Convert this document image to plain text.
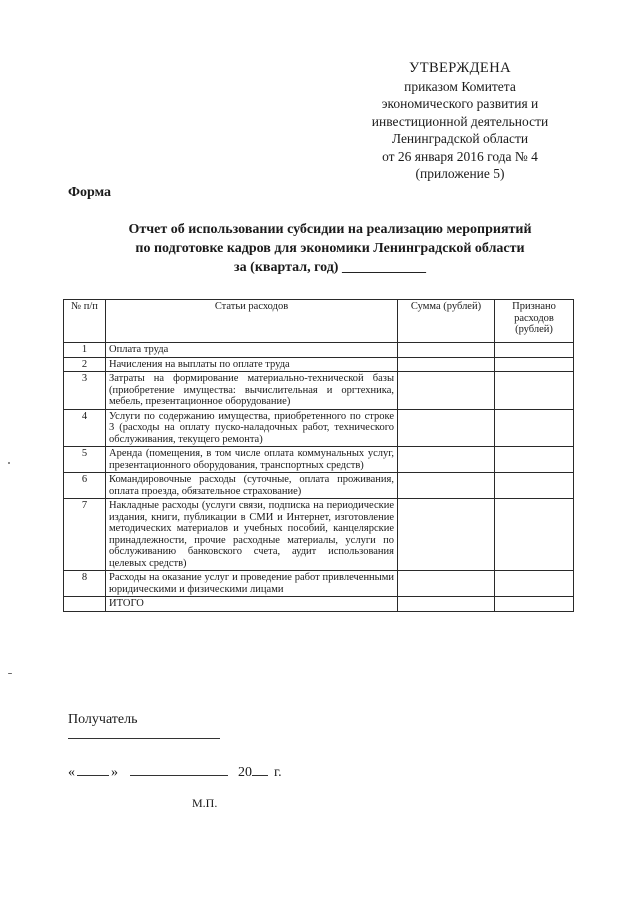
УТВЕРЖДЕНА
приказом Комитета
экономического развития и
инвестиционной деятельности
Ленинградской области
от 26 января 2016 года № 4
(приложение 5)
Форма
Отчет об использовании субсидии на реализацию мероприятий
по подготовке кадров для экономики Ленинградской области
за (квартал, год) ____________
№ п/п	Статьи расходов	Сумма (рублей)	Признано расходов (рублей)
1	Оплата труда		
2	Начисления на выплаты по оплате труда		
3	Затраты на формирование материально-технической базы (приобретение имущества: вычислительная и оргтехника, мебель, презентационное оборудование)		
4	Услуги по содержанию имущества, приобретенного по строке 3 (расходы на оплату пуско-наладочных работ, технического обслуживания, текущего ремонта)		
5	Аренда (помещения, в том числе оплата коммунальных услуг, презентационного оборудования, транспортных средств)		
6	Командировочные расходы (суточные, оплата проживания, оплата проезда, обязательное страхование)		
7	Накладные расходы (услуги связи, подписка на периодические издания, книги, публикации в СМИ и Интернет, изготовление методических материалов и учебных пособий, канцелярские принадлежности, прочие расходные материалы, услуги по обслуживанию банковского счета, аудит использования целевых средств)		
8	Расходы на оказание услуг и проведение работ привлеченными юридическими и физическими лицами		
	ИТОГО		
Получатель
«	»	20 г.
М.П.
